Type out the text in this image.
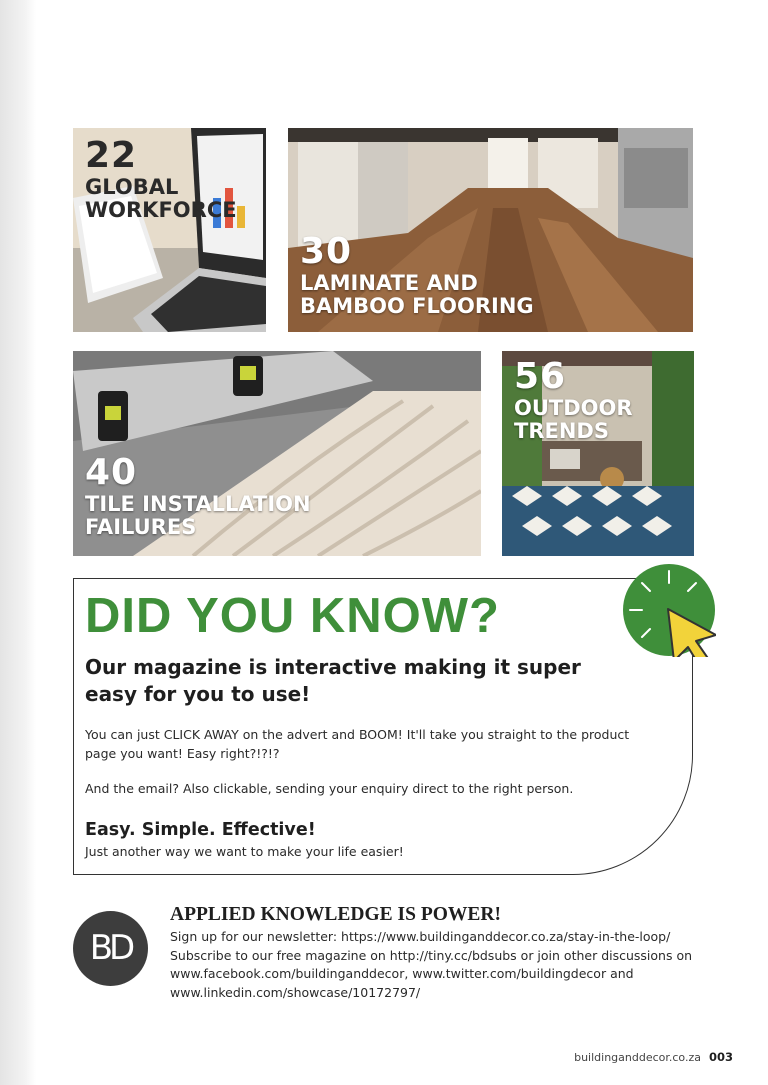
22
GLOBAL
WORKFORCE
30
LAMINATE AND
BAMBOO FLOORING
40
TILE INSTALLATION
FAILURES
56
OUTDOOR
TRENDS
DID YOU KNOW?

Our magazine is interactive making it super easy for you to use!

You can just CLICK AWAY on the advert and BOOM! It'll take you straight to the product page you want! Easy right?!?!?

And the email? Also clickable, sending your enquiry direct to the right person.

Easy. Simple. Effective!

Just another way we want to make your life easier!

BD
APPLIED KNOWLEDGE IS POWER!
Sign up for our newsletter: https://www.buildinganddecor.co.za/stay-in-the-loop/
Subscribe to our free magazine on http://tiny.cc/bdsubs or join other discussions on
www.facebook.com/buildinganddecor, www.twitter.com/buildingdecor and
www.linkedin.com/showcase/10172797/
buildinganddecor.co.za 003
